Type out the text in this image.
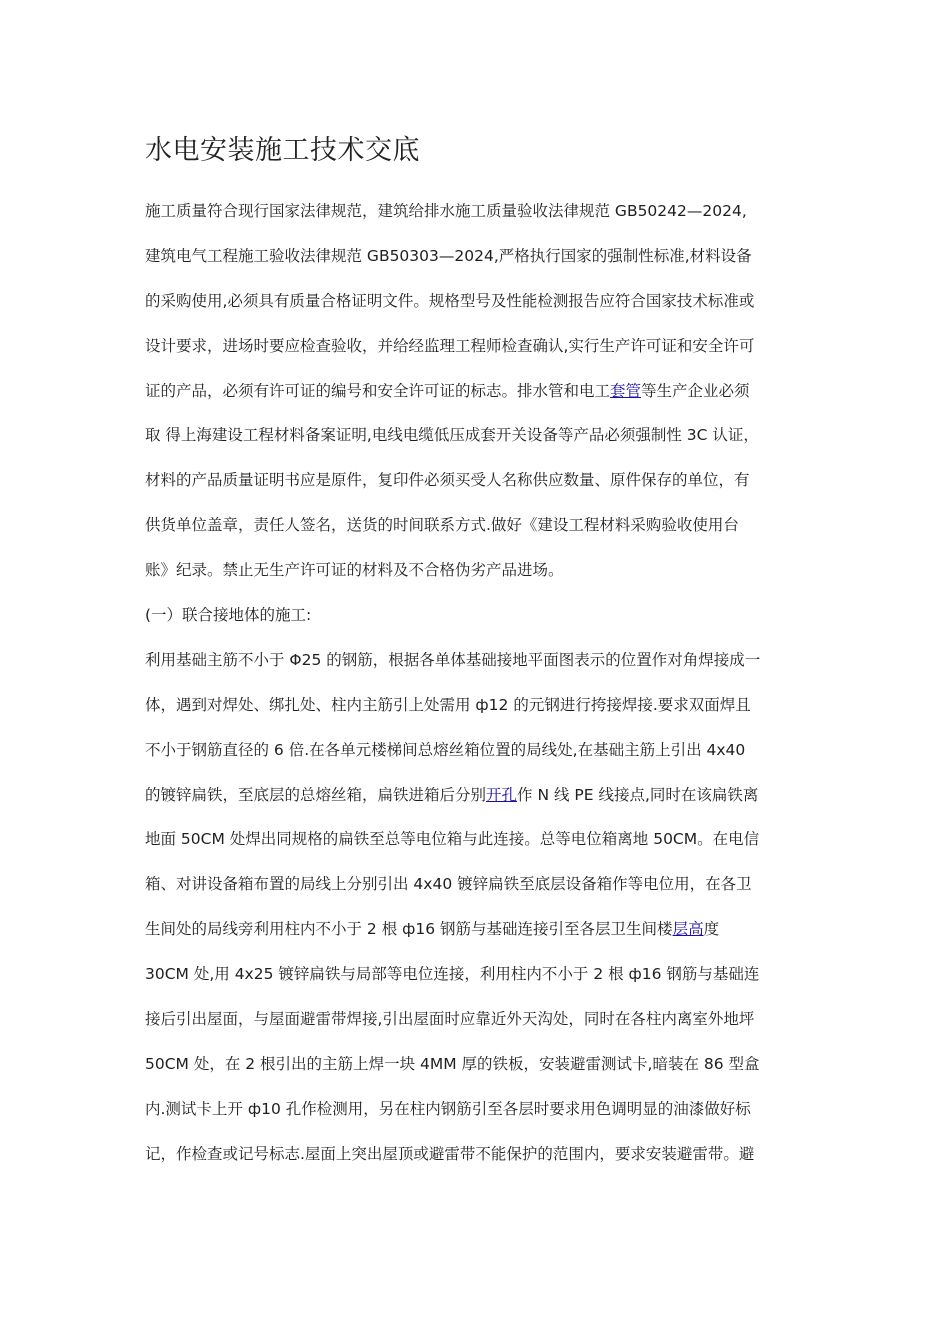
水电安装施工技术交底
施工质量符合现行国家法律规范，建筑给排水施工质量验收法律规范 GB50242—2024,
建筑电气工程施工验收法律规范 GB50303—2024,严格执行国家的强制性标准,材料设备
的采购使用,必须具有质量合格证明文件。规格型号及性能检测报告应符合国家技术标准或
设计要求，进场时要应检查验收，并给经监理工程师检查确认,实行生产许可证和安全许可
证的产品，必须有许可证的编号和安全许可证的标志。排水管和电工套管等生产企业必须
取 得上海建设工程材料备案证明,电线电缆低压成套开关设备等产品必须强制性 3C 认证，
材料的产品质量证明书应是原件，复印件必须买受人名称供应数量、原件保存的单位，有
供货单位盖章，责任人签名，送货的时间联系方式.做好《建设工程材料采购验收使用台
账》纪录。禁止无生产许可证的材料及不合格伪劣产品进场。
(一）联合接地体的施工:
利用基础主筋不小于 Φ25 的钢筋，根据各单体基础接地平面图表示的位置作对角焊接成一
体，遇到对焊处、绑扎处、柱内主筋引上处需用 ф12 的元钢进行挎接焊接.要求双面焊且
不小于钢筋直径的 6 倍.在各单元楼梯间总熔丝箱位置的局线处,在基础主筋上引出 4x40
的镀锌扁铁，至底层的总熔丝箱，扁铁进箱后分别开孔作 N 线 PE 线接点,同时在该扁铁离
地面 50CM 处焊出同规格的扁铁至总等电位箱与此连接。总等电位箱离地 50CM。在电信
箱、对讲设备箱布置的局线上分别引出 4x40 镀锌扁铁至底层设备箱作等电位用，在各卫
生间处的局线旁利用柱内不小于 2 根 ф16 钢筋与基础连接引至各层卫生间楼层高度
30CM 处,用 4x25 镀锌扁铁与局部等电位连接，利用柱内不小于 2 根 ф16 钢筋与基础连
接后引出屋面，与屋面避雷带焊接,引出屋面时应靠近外天沟处，同时在各柱内离室外地坪
50CM 处，在 2 根引出的主筋上焊一块 4MM 厚的铁板，安装避雷测试卡,暗装在 86 型盒
内.测试卡上开 ф10 孔作检测用，另在柱内钢筋引至各层时要求用色调明显的油漆做好标
记，作检查或记号标志.屋面上突出屋顶或避雷带不能保护的范围内，要求安装避雷带。避
